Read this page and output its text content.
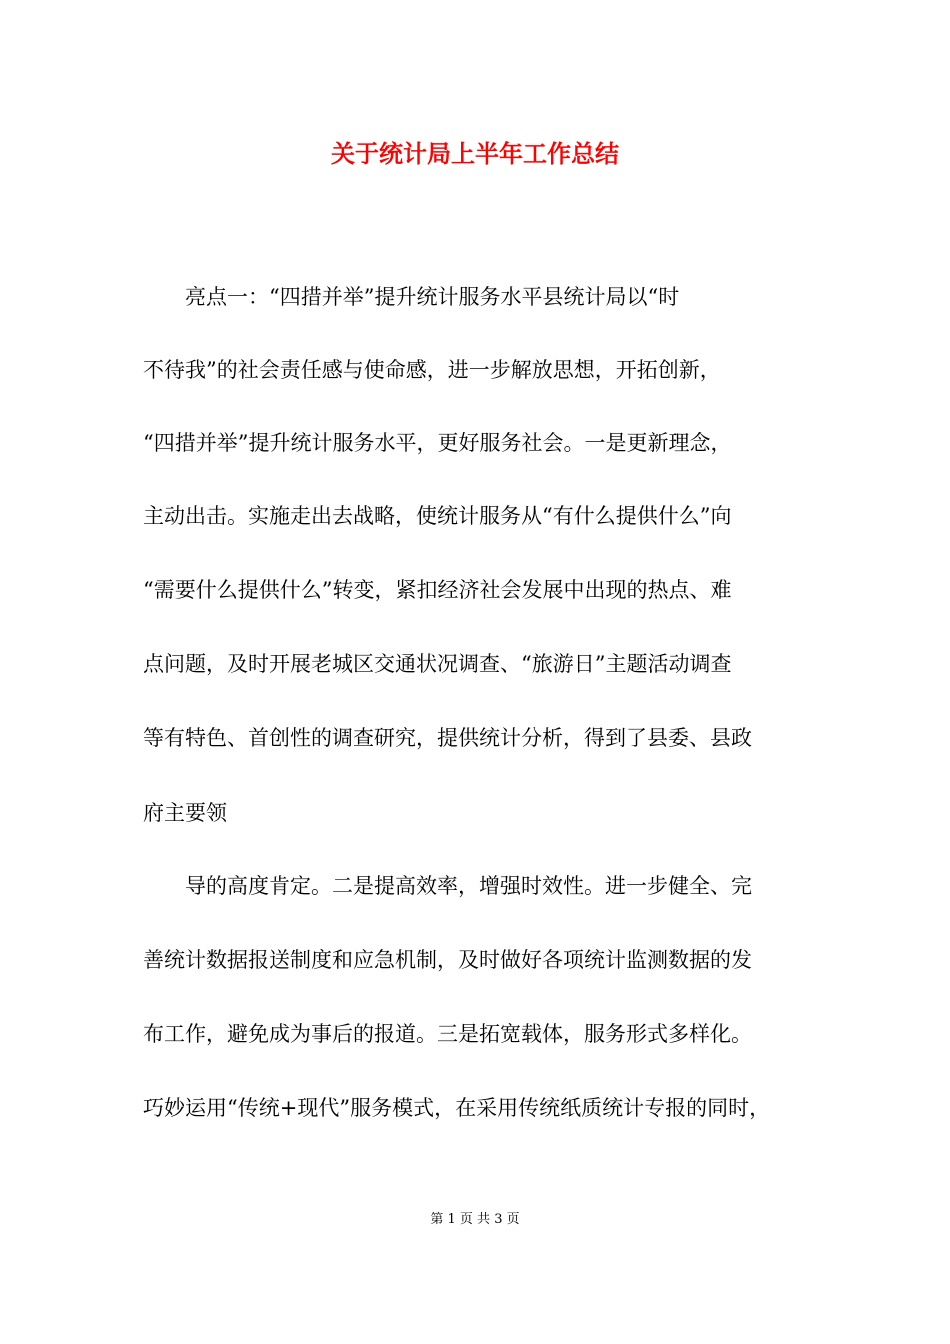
关于统计局上半年工作总结
　　亮点一：“四措并举”提升统计服务水平县统计局以“时
不待我”的社会责任感与使命感，进一步解放思想，开拓创新，
“四措并举”提升统计服务水平，更好服务社会。一是更新理念，
主动出击。实施走出去战略，使统计服务从“有什么提供什么”向
“需要什么提供什么”转变，紧扣经济社会发展中出现的热点、难
点问题，及时开展老城区交通状况调查、“旅游日”主题活动调查
等有特色、首创性的调查研究，提供统计分析，得到了县委、县政
府主要领
　　导的高度肯定。二是提高效率，增强时效性。进一步健全、完
善统计数据报送制度和应急机制，及时做好各项统计监测数据的发
布工作，避免成为事后的报道。三是拓宽载体，服务形式多样化。
巧妙运用“传统+现代”服务模式，在采用传统纸质统计专报的同时，
第 1 页 共 3 页
